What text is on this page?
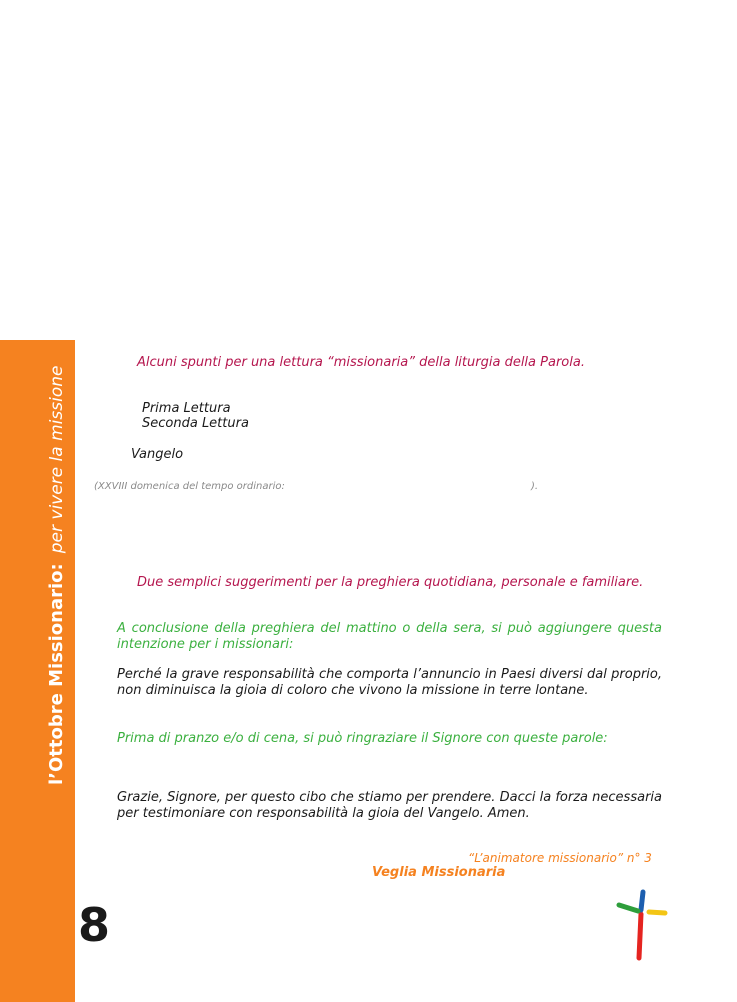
l’Ottobre Missionario:per vivere la missione
8
Alcuni spunti per una lettura “missionaria” della liturgia della Parola.
Prima Lettura
Seconda Lettura
Vangelo
(XXVIII domenica del tempo ordinario:	).
Due semplici suggerimenti per la preghiera quotidiana, personale e familiare.
A conclusione della preghiera del mattino o della sera, si può aggiungere questa intenzione per i missionari:
Perché la grave responsabilità che comporta l’annuncio in Paesi diversi dal proprio, non diminuisca la gioia di coloro che vivono la missione in terre lontane.
Prima di pranzo e/o di cena, si può ringraziare il Signore con queste parole:
Grazie, Signore, per questo cibo che stiamo per prendere. Dacci la forza necessaria per testimoniare con responsabilità la gioia del Vangelo. Amen.
“L’animatore missionario” n° 3
Veglia Missionaria
